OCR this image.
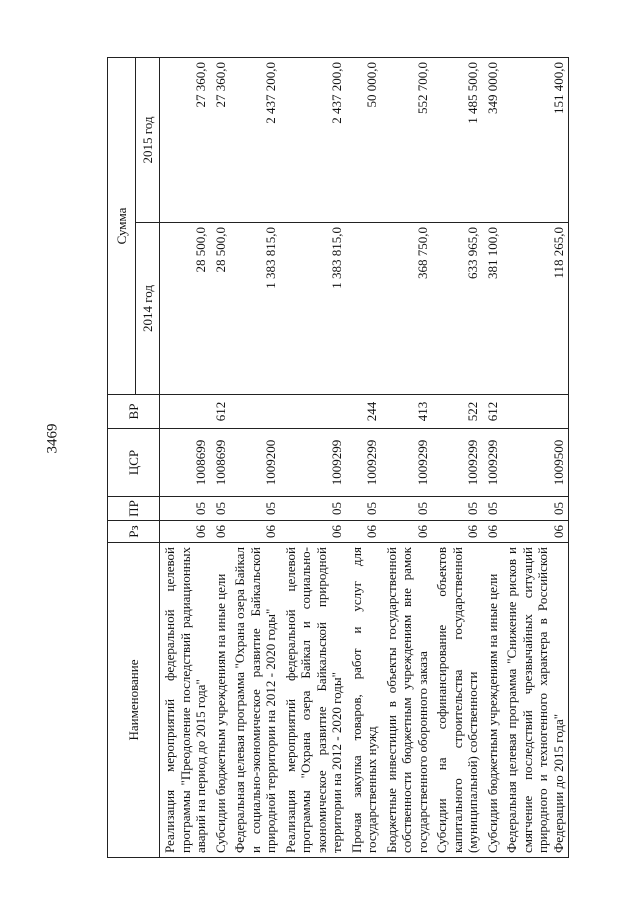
3469
Наименование	Рз	ПР	ЦСР	ВР	Сумма	
					2014 год	2015 год
Реализация мероприятий федеральной целевой программы "Преодоление последствий радиационных аварий на период до 2015 года"	06	05	1008699		28 500,0	27 360,0
Субсидии бюджетным учреждениям на иные цели	06	05	1008699	612	28 500,0	27 360,0
Федеральная целевая программа "Охрана озера Байкал и социально-экономическое развитие Байкальской природной территории на 2012 - 2020 годы"	06	05	1009200		1 383 815,0	2 437 200,0
Реализация мероприятий федеральной целевой программы "Охрана озера Байкал и социально-экономическое развитие Байкальской природной территории на 2012 - 2020 годы"	06	05	1009299		1 383 815,0	2 437 200,0
Прочая закупка товаров, работ и услуг для государственных нужд	06	05	1009299	244		50 000,0
Бюджетные инвестиции в объекты государственной собственности бюджетным учреждениям вне рамок государственного оборонного заказа	06	05	1009299	413	368 750,0	552 700,0
Субсидии на софинансирование объектов капитального строительства государственной (муниципальной) собственности	06	05	1009299	522	633 965,0	1 485 500,0
Субсидии бюджетным учреждениям на иные цели	06	05	1009299	612	381 100,0	349 000,0
Федеральная целевая программа "Снижение рисков и смягчение последствий чрезвычайных ситуаций природного и техногенного характера в Российской Федерации до 2015 года"	06	05	1009500		118 265,0	151 400,0
